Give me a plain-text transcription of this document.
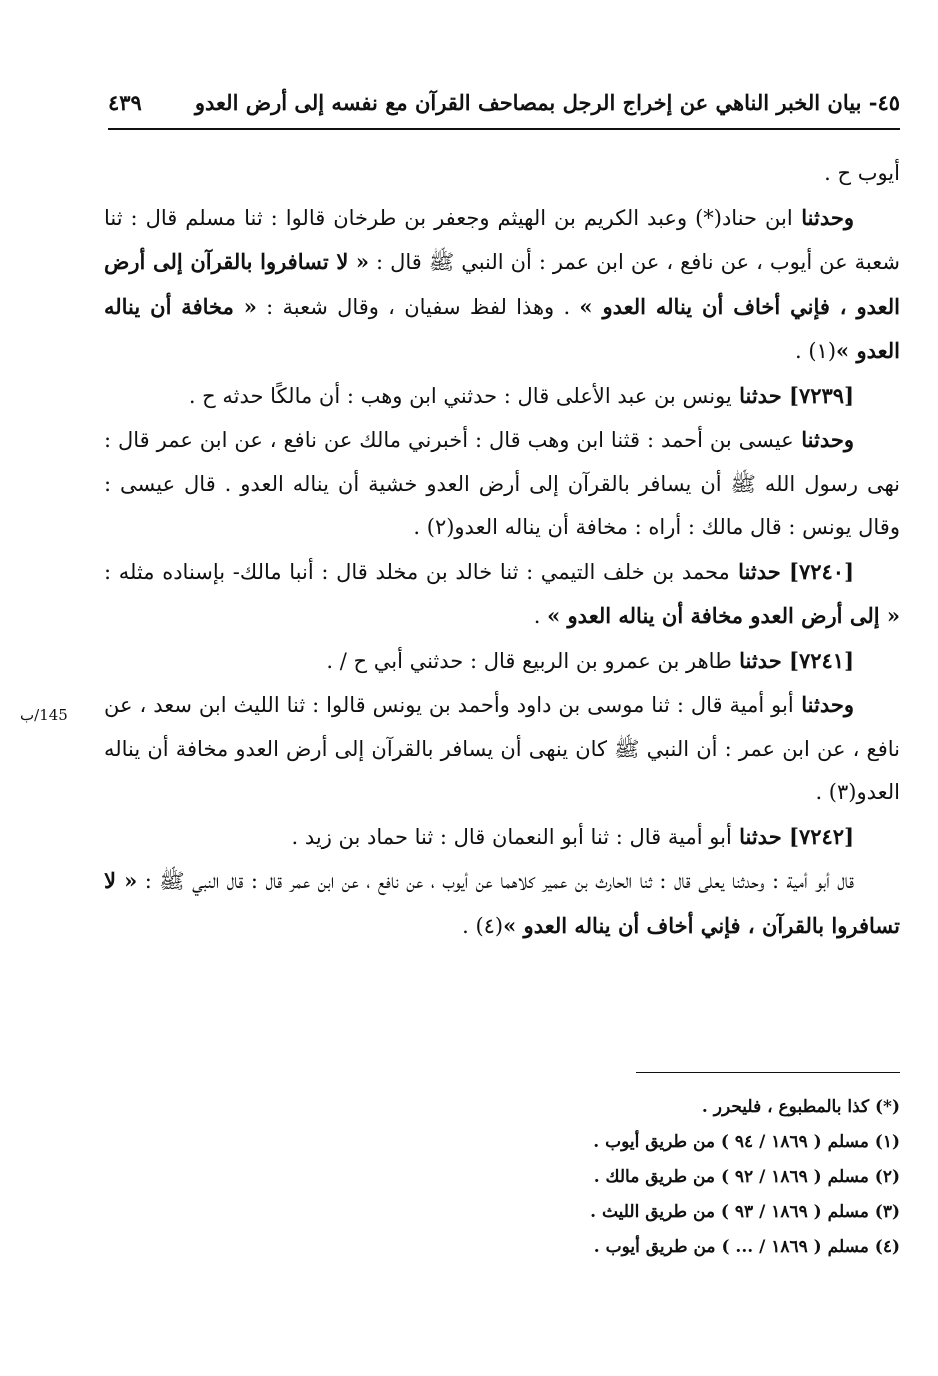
٤٥- بيان الخبر الناهي عن إخراج الرجل بمصاحف القرآن مع نفسه إلى أرض العدو
٤٣٩

أيوب ح .

وحدثنا ابن حناد(*) وعبد الكريم بن الهيثم وجعفر بن طرخان قالوا : ثنا مسلم قال : ثنا شعبة عن أيوب ، عن نافع ، عن ابن عمر : أن النبي ﷺ قال : « لا تسافروا بالقرآن إلى أرض العدو ، فإني أخاف أن يناله العدو » . وهذا لفظ سفيان ، وقال شعبة : « مخافة أن يناله العدو »(١) .

[٧٢٣٩] حدثنا يونس بن عبد الأعلى قال : حدثني ابن وهب : أن مالكًا حدثه ح .

وحدثنا عيسى بن أحمد : قثنا ابن وهب قال : أخبرني مالك عن نافع ، عن ابن عمر قال : نهى رسول الله ﷺ أن يسافر بالقرآن إلى أرض العدو خشية أن يناله العدو . قال عيسى : وقال يونس : قال مالك : أراه : مخافة أن يناله العدو(٢) .

[٧٢٤٠] حدثنا محمد بن خلف التيمي : ثنا خالد بن مخلد قال : أنبا مالك- بإسناده مثله : « إلى أرض العدو مخافة أن يناله العدو » .

[٧٢٤١] حدثنا طاهر بن عمرو بن الربيع قال : حدثني أبي ح / .

وحدثنا أبو أمية قال : ثنا موسى بن داود وأحمد بن يونس قالوا : ثنا الليث ابن سعد ، عن نافع ، عن ابن عمر : أن النبي ﷺ كان ينهى أن يسافر بالقرآن إلى أرض العدو مخافة أن يناله العدو(٣) .

[٧٢٤٢] حدثنا أبو أمية قال : ثنا أبو النعمان قال : ثنا حماد بن زيد .

قال أبو أمية : وحدثنا يعلى قال : ثنا الحارث بن عمير كلاهما عن أيوب ، عن نافع ، عن ابن عمر قال : قال النبي ﷺ : « لا تسافروا بالقرآن ، فإني أخاف أن يناله العدو »(٤) .

145/ب
(*) كذا بالمطبوع ، فليحرر .
(١) مسلم ( ١٨٦٩ / ٩٤ ) من طريق أيوب .
(٢) مسلم ( ١٨٦٩ / ٩٢ ) من طريق مالك .
(٣) مسلم ( ١٨٦٩ / ٩٣ ) من طريق الليث .
(٤) مسلم ( ١٨٦٩ / ... ) من طريق أيوب .
